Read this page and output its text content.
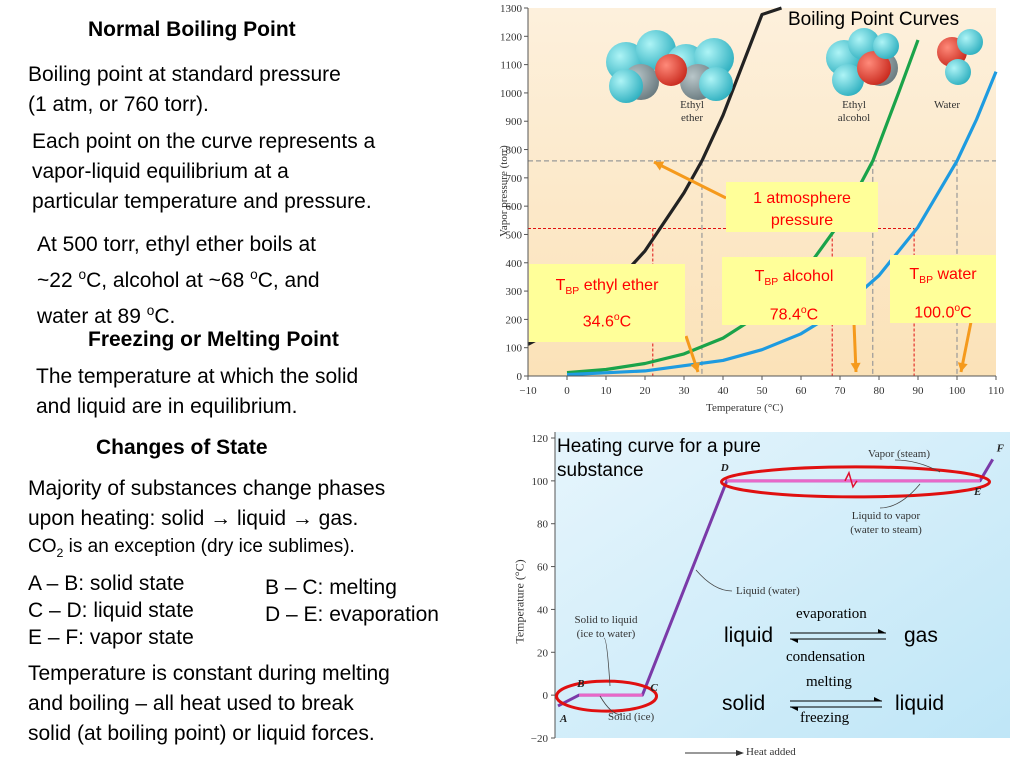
Normal Boiling Point
Boiling point at standard pressure
(1 atm, or 760 torr).
Each point on the curve represents a
vapor-liquid equilibrium at a
particular temperature and pressure.
At 500 torr, ethyl ether boils at
~22 $^o$C, alcohol at ~68 $^o$C, and
water at 89 $^o$C.
Freezing or Melting Point
The temperature at which the solid
and liquid are in equilibrium.
Changes of State
Majority of substances change phases
upon heating: solid → liquid → gas.
$CO_2$ is an exception (dry ice sublimes).
A – B: solid state
C – D: liquid state
E – F: vapor state
B – C: melting
D – E: evaporation
Temperature is constant during melting
and boiling – all heat used to break
solid (at boiling point) or liquid forces.
0
100
200
300
400
500
600
700
800
900
1000
1100
1200
1300
−10	0	10	20	30	40	50	60	70	80	90 100 110
Boiling Point Curves
Ethyl
ether
Ethyl
alcohol
Water
Vapor pressure (torr)
Temperature (°C)
1 atmosphere
pressure
$T_{BP}$ ethyl ether
34.6$^o$C
$T_{BP}$ alcohol
78.4$^o$C
$T_{BP}$ water
100.0$^o$C
120
100
80
60
40
20
0
−20
A
B	C
D
E
F
Heating curve for a pure
substance
Temperature (°C)
Heat added
Vapor (steam)
Liquid to vapor
(water to steam)
Liquid (water)
Solid to liquid
(ice to water)
Solid (ice)
liquid	gas
evaporation
condensation
solid	liquid
melting
freezing
